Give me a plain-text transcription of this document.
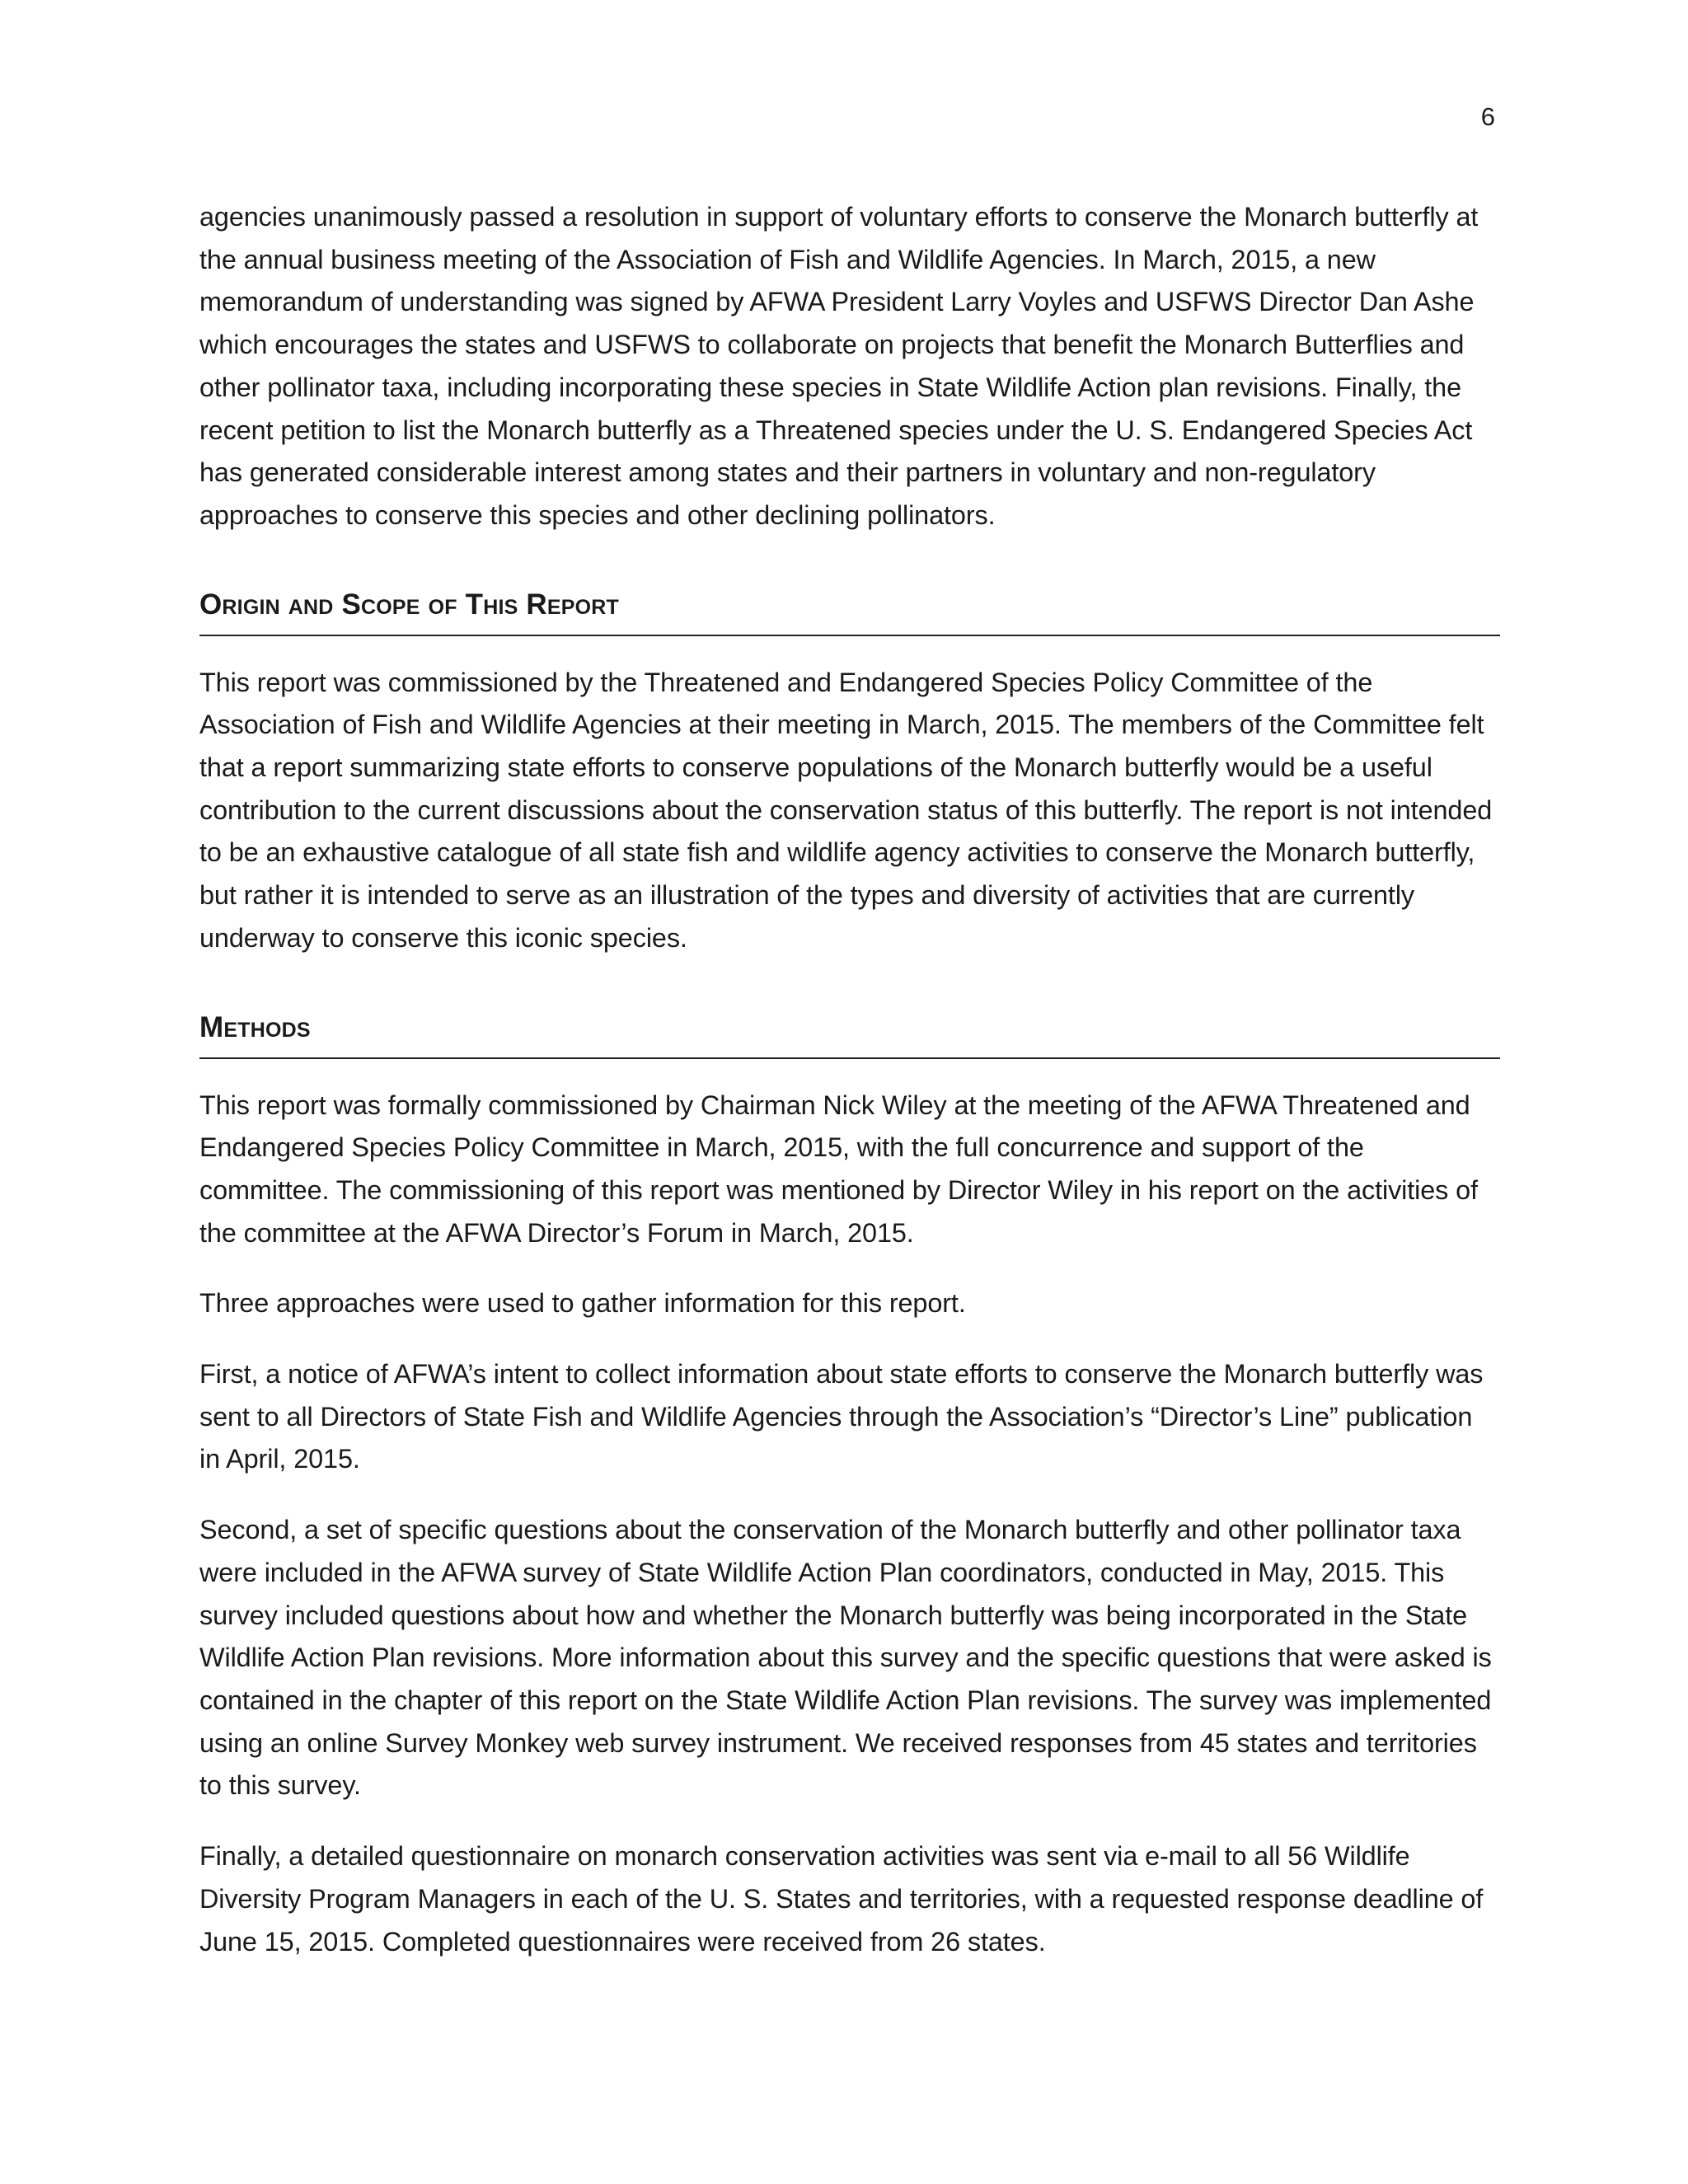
6

agencies unanimously passed a resolution in support of voluntary efforts to conserve the Monarch butterfly at the annual business meeting of the Association of Fish and Wildlife Agencies. In March, 2015, a new memorandum of understanding was signed by AFWA President Larry Voyles and USFWS Director Dan Ashe which encourages the states and USFWS to collaborate on projects that benefit the Monarch Butterflies and other pollinator taxa, including incorporating these species in State Wildlife Action plan revisions. Finally, the recent petition to list the Monarch butterfly as a Threatened species under the U. S. Endangered Species Act has generated considerable interest among states and their partners in voluntary and non-regulatory approaches to conserve this species and other declining pollinators.

Origin and Scope of This Report

This report was commissioned by the Threatened and Endangered Species Policy Committee of the Association of Fish and Wildlife Agencies at their meeting in March, 2015. The members of the Committee felt that a report summarizing state efforts to conserve populations of the Monarch butterfly would be a useful contribution to the current discussions about the conservation status of this butterfly. The report is not intended to be an exhaustive catalogue of all state fish and wildlife agency activities to conserve the Monarch butterfly, but rather it is intended to serve as an illustration of the types and diversity of activities that are currently underway to conserve this iconic species.

Methods

This report was formally commissioned by Chairman Nick Wiley at the meeting of the AFWA Threatened and Endangered Species Policy Committee in March, 2015, with the full concurrence and support of the committee. The commissioning of this report was mentioned by Director Wiley in his report on the activities of the committee at the AFWA Director’s Forum in March, 2015.

Three approaches were used to gather information for this report.

First, a notice of AFWA’s intent to collect information about state efforts to conserve the Monarch butterfly was sent to all Directors of State Fish and Wildlife Agencies through the Association’s “Director’s Line” publication in April, 2015.

Second, a set of specific questions about the conservation of the Monarch butterfly and other pollinator taxa were included in the AFWA survey of State Wildlife Action Plan coordinators, conducted in May, 2015. This survey included questions about how and whether the Monarch butterfly was being incorporated in the State Wildlife Action Plan revisions. More information about this survey and the specific questions that were asked is contained in the chapter of this report on the State Wildlife Action Plan revisions. The survey was implemented using an online Survey Monkey web survey instrument. We received responses from 45 states and territories to this survey.

Finally, a detailed questionnaire on monarch conservation activities was sent via e-mail to all 56 Wildlife Diversity Program Managers in each of the U. S. States and territories, with a requested response deadline of June 15, 2015. Completed questionnaires were received from 26 states.
